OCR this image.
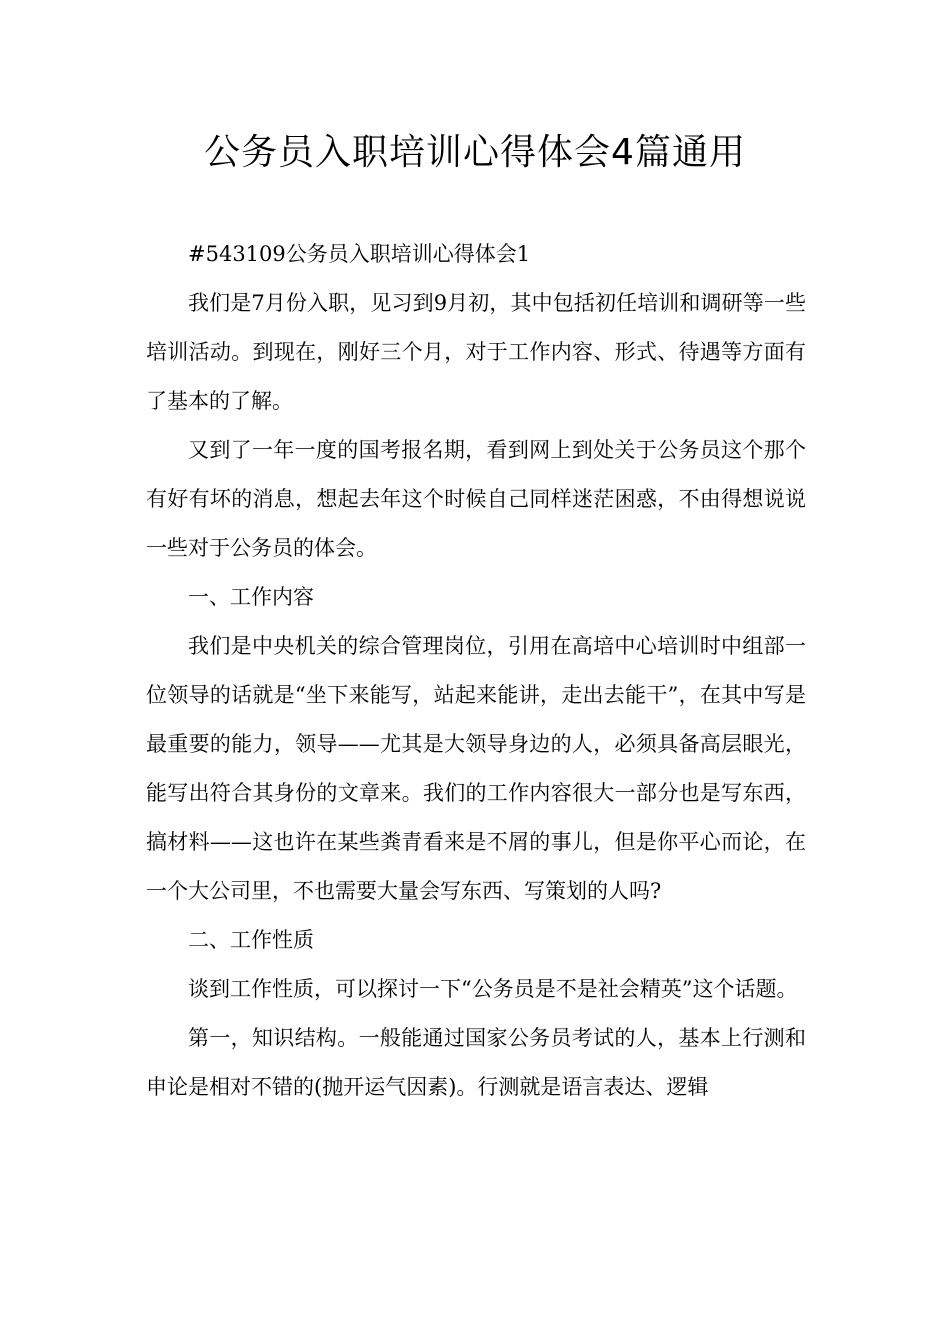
公务员入职培训心得体会4篇通用

#543109公务员入职培训心得体会1

我们是7月份入职，见习到9月初，其中包括初任培训和调研等一些培训活动。到现在，刚好三个月，对于工作内容、形式、待遇等方面有了基本的了解。

又到了一年一度的国考报名期，看到网上到处关于公务员这个那个有好有坏的消息，想起去年这个时候自己同样迷茫困惑，不由得想说说一些对于公务员的体会。

一、工作内容

我们是中央机关的综合管理岗位，引用在高培中心培训时中组部一位领导的话就是“坐下来能写，站起来能讲，走出去能干”，在其中写是最重要的能力，领导——尤其是大领导身边的人，必须具备高层眼光，能写出符合其身份的文章来。我们的工作内容很大一部分也是写东西，搞材料——这也许在某些粪青看来是不屑的事儿，但是你平心而论，在一个大公司里，不也需要大量会写东西、写策划的人吗?

二、工作性质

谈到工作性质，可以探讨一下“公务员是不是社会精英”这个话题。

第一，知识结构。一般能通过国家公务员考试的人，基本上行测和申论是相对不错的(抛开运气因素)。行测就是语言表达、逻辑
